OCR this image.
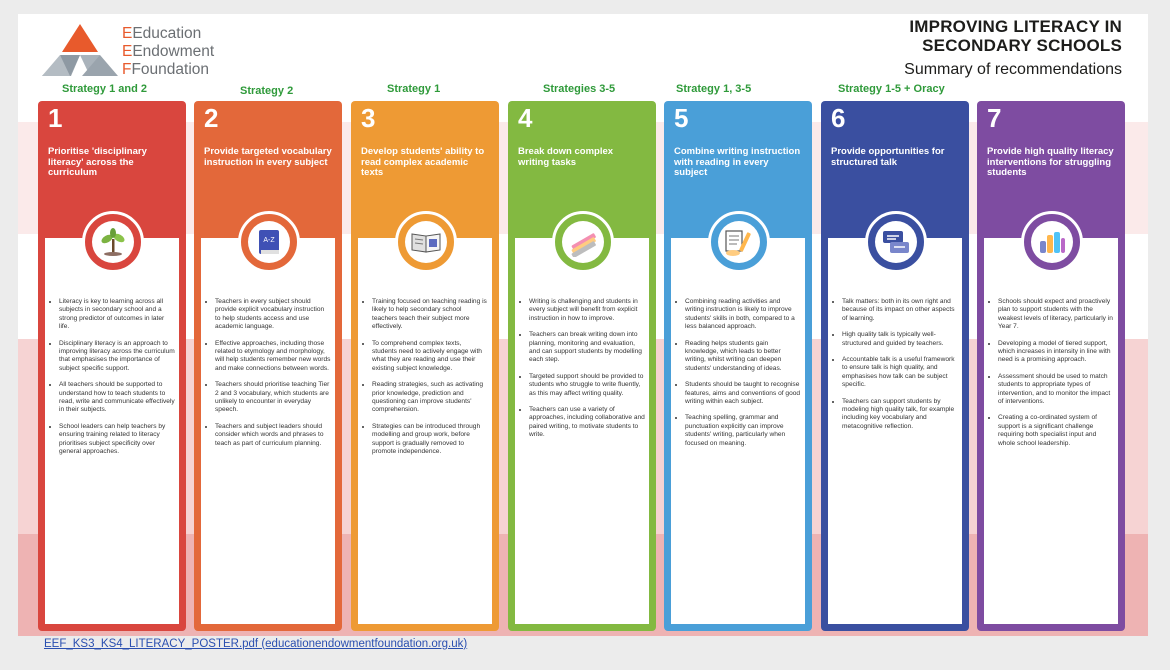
EEducation
EEndowment
FFoundation
IMPROVING LITERACY IN
SECONDARY SCHOOLS
Summary of recommendations
Strategy 1 and 2	Strategy 2	Strategy 1	Strategies 3-5	Strategy 1, 3-5	Strategy 1-5 + Oracy
1
Prioritise 'disciplinary literacy' across the curriculum
• Literacy is key to learning across all subjects in secondary school and a strong predictor of outcomes in later life.
• Disciplinary literacy is an approach to improving literacy across the curriculum that emphasises the importance of subject specific support.
• All teachers should be supported to understand how to teach students to read, write and communicate effectively in their subjects.
• School leaders can help teachers by ensuring training related to literacy prioritises subject specificity over general approaches.
2
Provide targeted vocabulary instruction in every subject
A-Z
• Teachers in every subject should provide explicit vocabulary instruction to help students access and use academic language.
• Effective approaches, including those related to etymology and morphology, will help students remember new words and make connections between words.
• Teachers should prioritise teaching Tier 2 and 3 vocabulary, which students are unlikely to encounter in everyday speech.
• Teachers and subject leaders should consider which words and phrases to teach as part of curriculum planning.
3
Develop students' ability to read complex academic texts
• Training focused on teaching reading is likely to help secondary school teachers teach their subject more effectively.
• To comprehend complex texts, students need to actively engage with what they are reading and use their existing subject knowledge.
• Reading strategies, such as activating prior knowledge, prediction and questioning can improve students' comprehension.
• Strategies can be introduced through modelling and group work, before support is gradually removed to promote independence.
4
Break down complex writing tasks
• Writing is challenging and students in every subject will benefit from explicit instruction in how to improve.
• Teachers can break writing down into planning, monitoring and evaluation, and can support students by modelling each step.
• Targeted support should be provided to students who struggle to write fluently, as this may affect writing quality.
• Teachers can use a variety of approaches, including collaborative and paired writing, to motivate students to write.
5
Combine writing instruction with reading in every subject
• Combining reading activities and writing instruction is likely to improve students' skills in both, compared to a less balanced approach.
• Reading helps students gain knowledge, which leads to better writing, whilst writing can deepen students' understanding of ideas.
• Students should be taught to recognise features, aims and conventions of good writing within each subject.
• Teaching spelling, grammar and punctuation explicitly can improve students' writing, particularly when focused on meaning.
6
Provide opportunities for structured talk
• Talk matters: both in its own right and because of its impact on other aspects of learning.
• High quality talk is typically well-structured and guided by teachers.
• Accountable talk is a useful framework to ensure talk is high quality, and emphasises how talk can be subject specific.
• Teachers can support students by modeling high quality talk, for example including key vocabulary and metacognitive reflection.
7
Provide high quality literacy interventions for struggling students
• Schools should expect and proactively plan to support students with the weakest levels of literacy, particularly in Year 7.
• Developing a model of tiered support, which increases in intensity in line with need is a promising approach.
• Assessment should be used to match students to appropriate types of intervention, and to monitor the impact of interventions.
• Creating a co-ordinated system of support is a significant challenge requiring both specialist input and whole school leadership.
EEF_KS3_KS4_LITERACY_POSTER.pdf (educationendowmentfoundation.org.uk)
